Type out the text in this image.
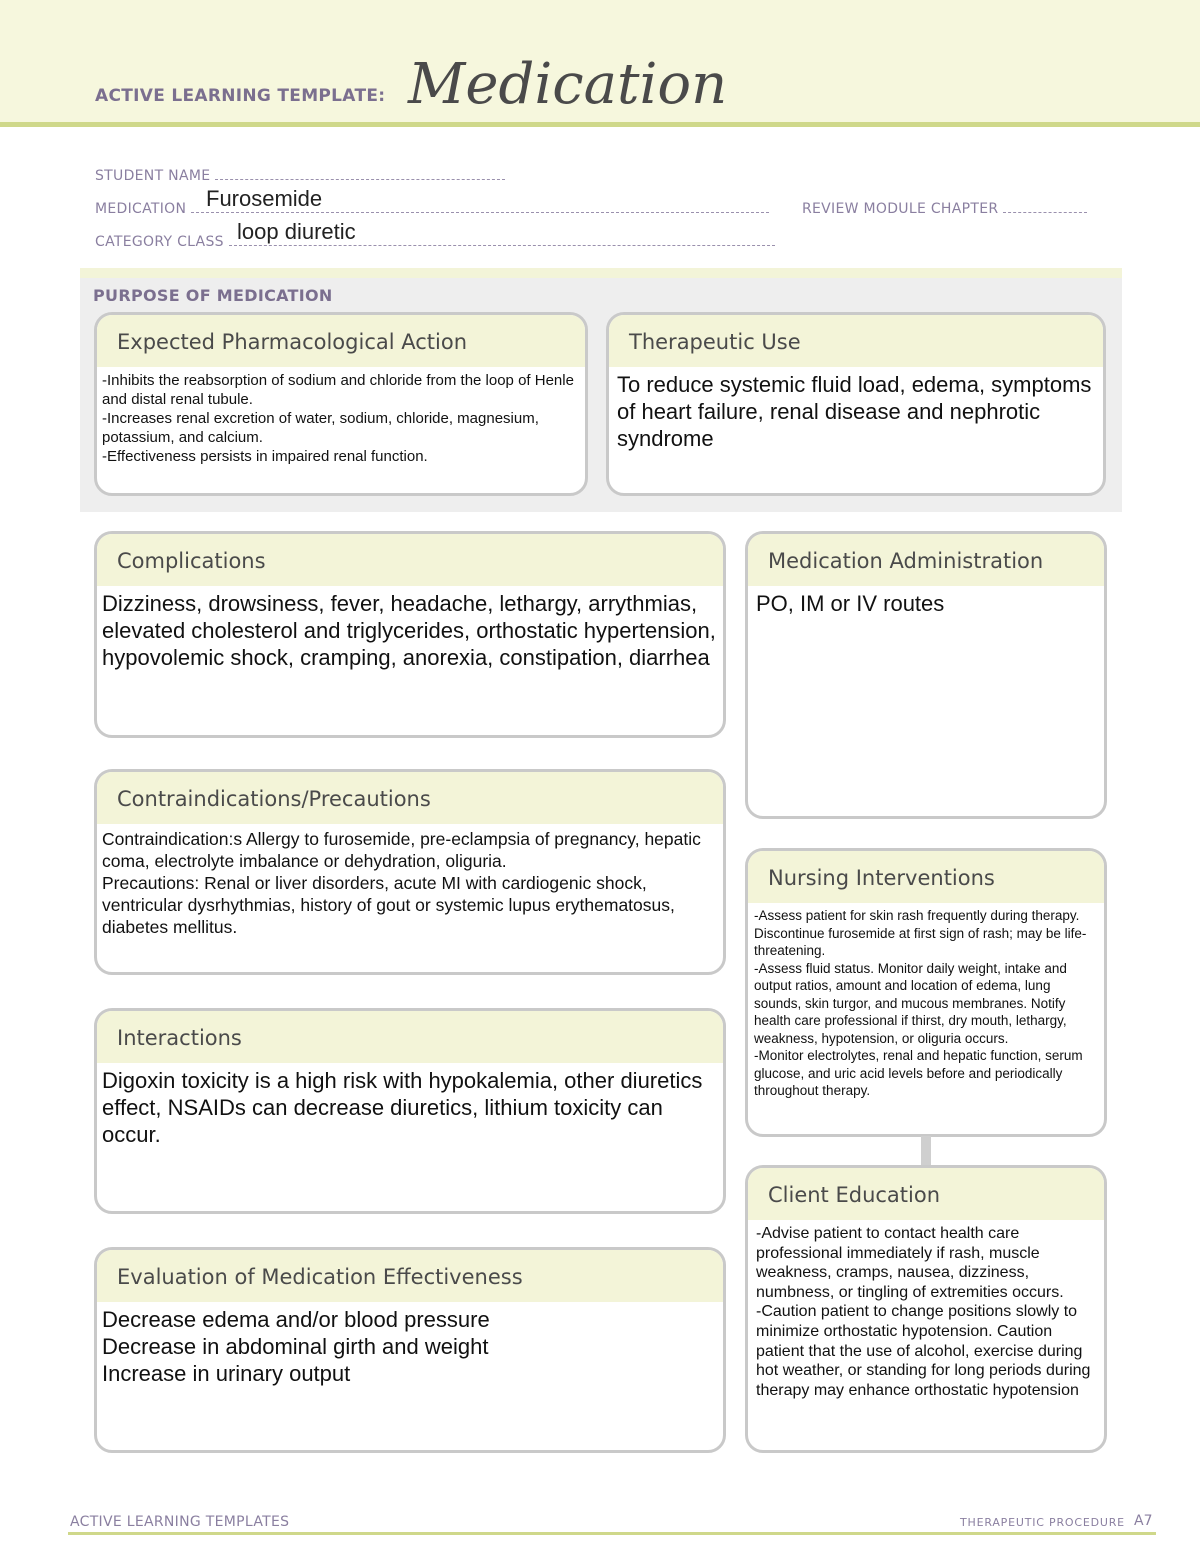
ACTIVE LEARNING TEMPLATE: Medication
STUDENT NAME
MEDICATION Furosemide	REVIEW MODULE CHAPTER
CATEGORY CLASS loop diuretic
PURPOSE OF MEDICATION
Expected Pharmacological Action
-Inhibits the reabsorption of sodium and chloride from the loop of Henle and distal renal tubule.
-Increases renal excretion of water, sodium, chloride, magnesium, potassium, and calcium.
-Effectiveness persists in impaired renal function.
Therapeutic Use
To reduce systemic fluid load, edema, symptoms of heart failure, renal disease and nephrotic syndrome
Complications
Dizziness, drowsiness, fever, headache, lethargy, arrythmias, elevated cholesterol and triglycerides, orthostatic hypertension, hypovolemic shock, cramping, anorexia, constipation, diarrhea
Contraindications/Precautions
Contraindication:s Allergy to furosemide, pre-eclampsia of pregnancy, hepatic coma, electrolyte imbalance or dehydration, oliguria.
Precautions: Renal or liver disorders, acute MI with cardiogenic shock, ventricular dysrhythmias, history of gout or systemic lupus erythematosus, diabetes mellitus.
Interactions
Digoxin toxicity is a high risk with hypokalemia, other diuretics effect, NSAIDs can decrease diuretics, lithium toxicity can occur.
Evaluation of Medication Effectiveness
Decrease edema and/or blood pressure
Decrease in abdominal girth and weight
Increase in urinary output
Medication Administration
PO, IM or IV routes
Nursing Interventions
-Assess patient for skin rash frequently during therapy. Discontinue furosemide at first sign of rash; may be life-threatening.
-Assess fluid status. Monitor daily weight, intake and output ratios, amount and location of edema, lung sounds, skin turgor, and mucous membranes. Notify health care professional if thirst, dry mouth, lethargy, weakness, hypotension, or oliguria occurs.
-Monitor electrolytes, renal and hepatic function, serum glucose, and uric acid levels before and periodically throughout therapy.
Client Education
-Advise patient to contact health care professional immediately if rash, muscle weakness, cramps, nausea, dizziness, numbness, or tingling of extremities occurs.
-Caution patient to change positions slowly to minimize orthostatic hypotension. Caution patient that the use of alcohol, exercise during hot weather, or standing for long periods during therapy may enhance orthostatic hypotension
ACTIVE LEARNING TEMPLATES	THERAPEUTIC PROCEDURE A7
